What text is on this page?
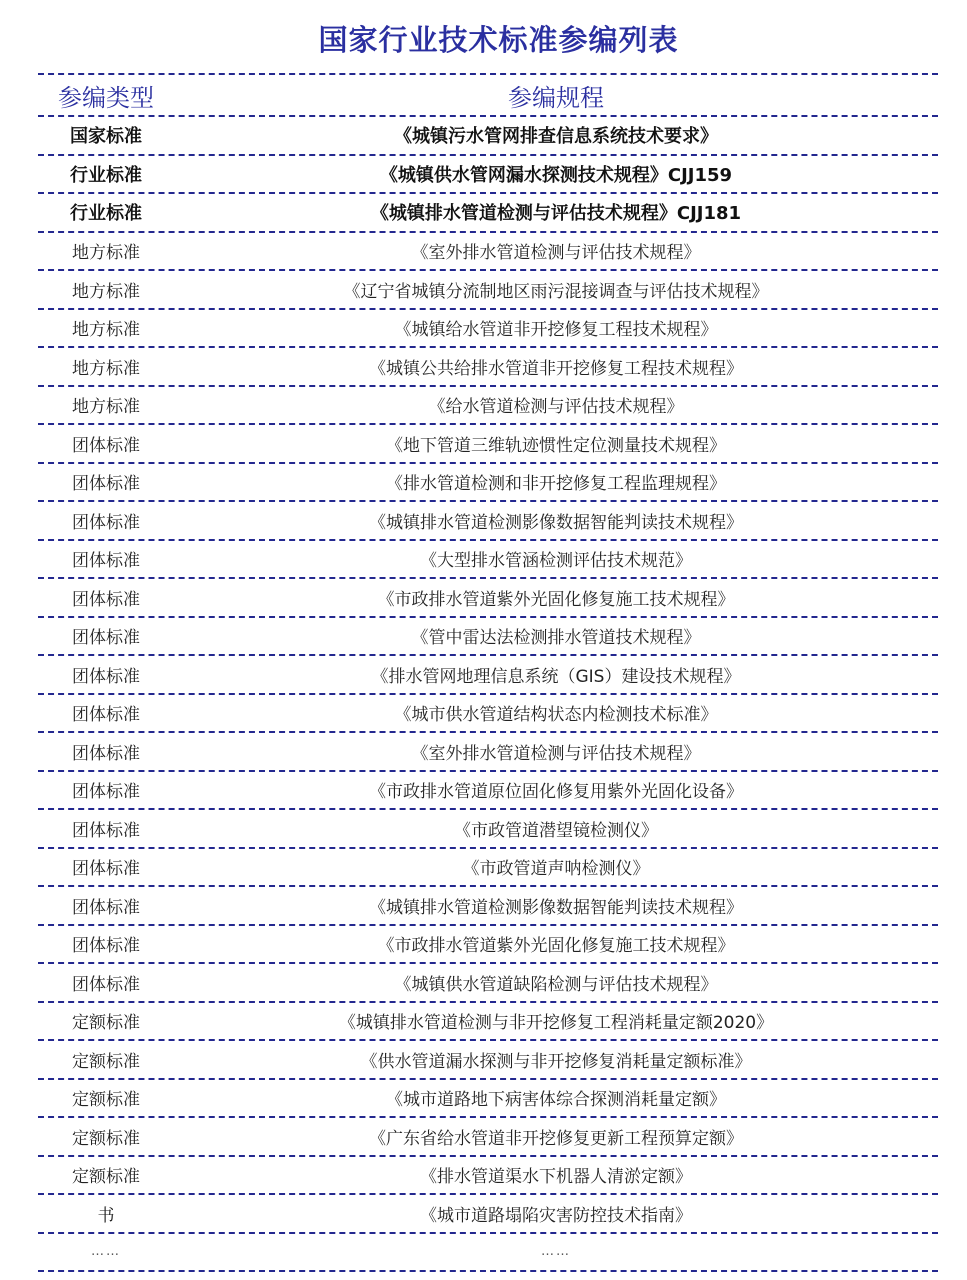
国家行业技术标准参编列表
参编类型	参编规程
国家标准	《城镇污水管网排查信息系统技术要求》
行业标准	《城镇供水管网漏水探测技术规程》CJJ159
行业标准	《城镇排水管道检测与评估技术规程》CJJ181
地方标准	《室外排水管道检测与评估技术规程》
地方标准	《辽宁省城镇分流制地区雨污混接调查与评估技术规程》
地方标准	《城镇给水管道非开挖修复工程技术规程》
地方标准	《城镇公共给排水管道非开挖修复工程技术规程》
地方标准	《给水管道检测与评估技术规程》
团体标准	《地下管道三维轨迹惯性定位测量技术规程》
团体标准	《排水管道检测和非开挖修复工程监理规程》
团体标准	《城镇排水管道检测影像数据智能判读技术规程》
团体标准	《大型排水管涵检测评估技术规范》
团体标准	《市政排水管道紫外光固化修复施工技术规程》
团体标准	《管中雷达法检测排水管道技术规程》
团体标准	《排水管网地理信息系统（GIS）建设技术规程》
团体标准	《城市供水管道结构状态内检测技术标准》
团体标准	《室外排水管道检测与评估技术规程》
团体标准	《市政排水管道原位固化修复用紫外光固化设备》
团体标准	《市政管道潜望镜检测仪》
团体标准	《市政管道声呐检测仪》
团体标准	《城镇排水管道检测影像数据智能判读技术规程》
团体标准	《市政排水管道紫外光固化修复施工技术规程》
团体标准	《城镇供水管道缺陷检测与评估技术规程》
定额标准	《城镇排水管道检测与非开挖修复工程消耗量定额2020》
定额标准	《供水管道漏水探测与非开挖修复消耗量定额标准》
定额标准	《城市道路地下病害体综合探测消耗量定额》
定额标准	《广东省给水管道非开挖修复更新工程预算定额》
定额标准	《排水管道渠水下机器人清淤定额》
书	《城市道路塌陷灾害防控技术指南》
……	……
